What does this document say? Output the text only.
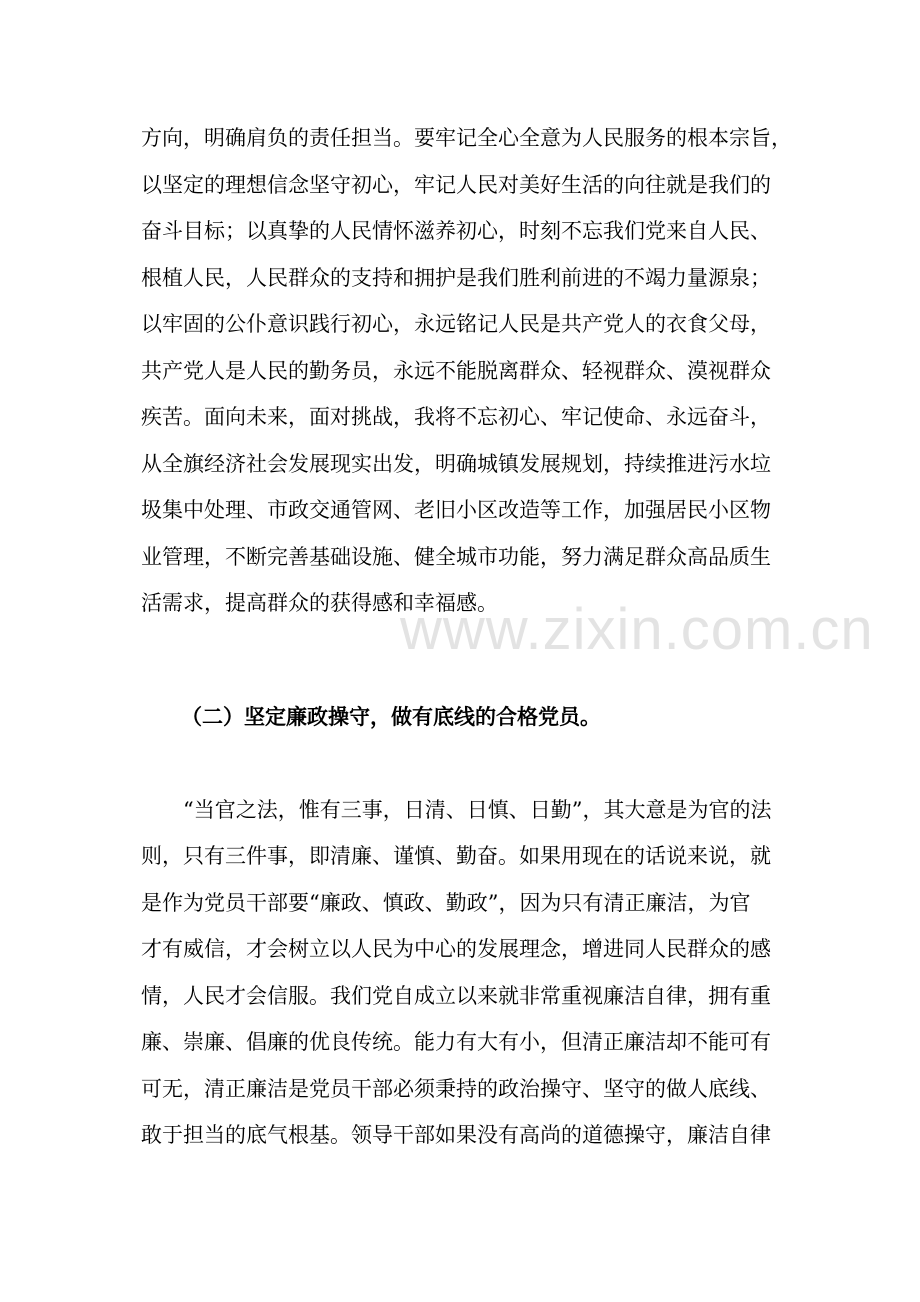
www.zixin.com.cn
方向，明确肩负的责任担当。要牢记全心全意为人民服务的根本宗旨，
以坚定的理想信念坚守初心，牢记人民对美好生活的向往就是我们的
奋斗目标；以真挚的人民情怀滋养初心，时刻不忘我们党来自人民、
根植人民，人民群众的支持和拥护是我们胜利前进的不竭力量源泉；
以牢固的公仆意识践行初心，永远铭记人民是共产党人的衣食父母，
共产党人是人民的勤务员，永远不能脱离群众、轻视群众、漠视群众
疾苦。面向未来，面对挑战，我将不忘初心、牢记使命、永远奋斗，
从全旗经济社会发展现实出发，明确城镇发展规划，持续推进污水垃
圾集中处理、市政交通管网、老旧小区改造等工作，加强居民小区物
业管理，不断完善基础设施、健全城市功能，努力满足群众高品质生
活需求，提高群众的获得感和幸福感。
（二）坚定廉政操守，做有底线的合格党员。
“当官之法，惟有三事，日清、日慎、日勤”，其大意是为官的法
则，只有三件事，即清廉、谨慎、勤奋。如果用现在的话说来说，就
是作为党员干部要“廉政、慎政、勤政”，因为只有清正廉洁，为官
才有威信，才会树立以人民为中心的发展理念，增进同人民群众的感
情，人民才会信服。我们党自成立以来就非常重视廉洁自律，拥有重
廉、崇廉、倡廉的优良传统。能力有大有小，但清正廉洁却不能可有
可无，清正廉洁是党员干部必须秉持的政治操守、坚守的做人底线、
敢于担当的底气根基。领导干部如果没有高尚的道德操守，廉洁自律
